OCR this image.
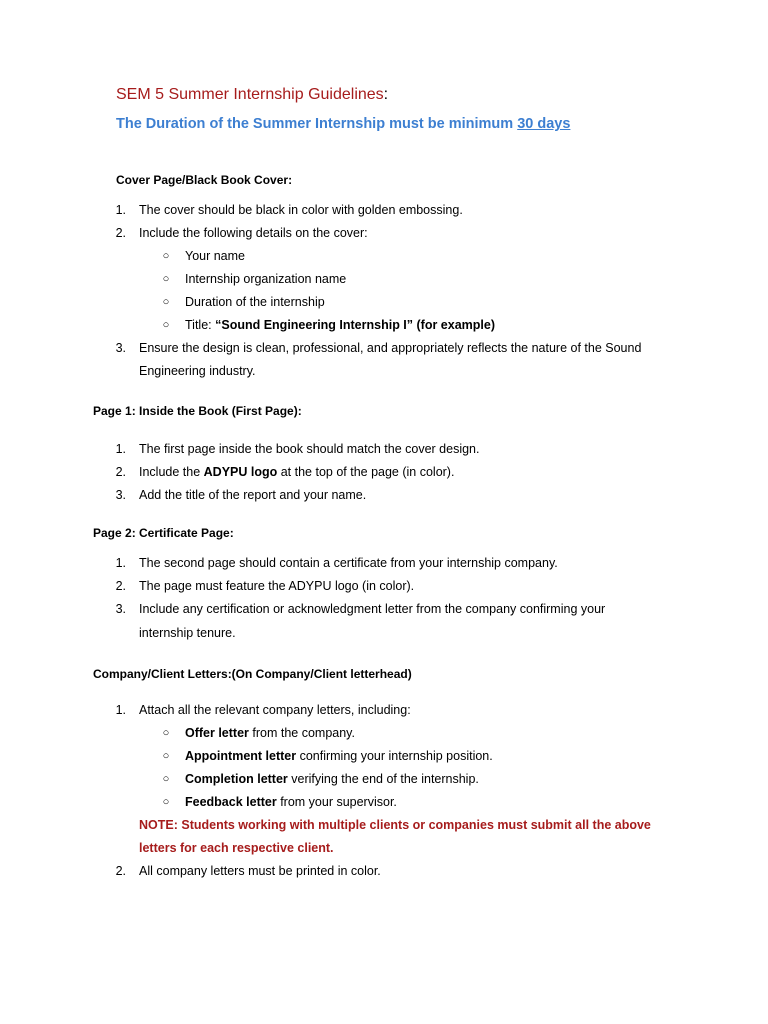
SEM 5 Summer Internship Guidelines:
The Duration of the Summer Internship must be minimum 30 days
Cover Page/Black Book Cover:
1. The cover should be black in color with golden embossing.
2. Include the following details on the cover:
○ Your name
○ Internship organization name
○ Duration of the internship
○ Title: “Sound Engineering Internship I” (for example)
3. Ensure the design is clean, professional, and appropriately reflects the nature of the Sound
Engineering industry.
Page 1: Inside the Book (First Page):
1. The first page inside the book should match the cover design.
2. Include the ADYPU logo at the top of the page (in color).
3. Add the title of the report and your name.
Page 2: Certificate Page:
1. The second page should contain a certificate from your internship company.
2. The page must feature the ADYPU logo (in color).
3. Include any certification or acknowledgment letter from the company confirming your
internship tenure.
Company/Client Letters:(On Company/Client letterhead)
1. Attach all the relevant company letters, including:
○ Offer letter from the company.
○ Appointment letter confirming your internship position.
○ Completion letter verifying the end of the internship.
○ Feedback letter from your supervisor.
NOTE: Students working with multiple clients or companies must submit all the above
letters for each respective client.
2. All company letters must be printed in color.
